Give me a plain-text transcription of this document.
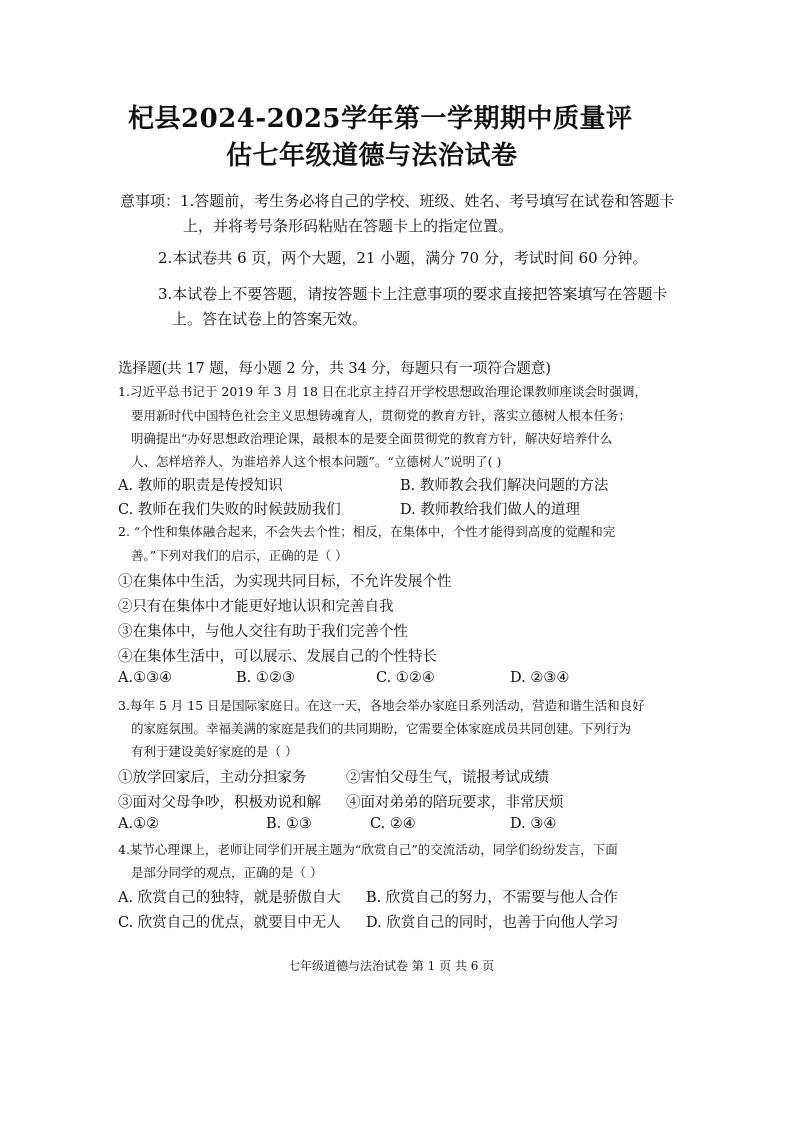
杞县2024-2025学年第一学期期中质量评
估七年级道德与法治试卷
意事项：1.答题前，考生务必将自己的学校、班级、姓名、考号填写在试卷和答题卡
上，并将考号条形码粘贴在答题卡上的指定位置。
2.本试卷共 6 页，两个大题，21 小题，满分 70 分，考试时间 60 分钟。
3.本试卷上不要答题，请按答题卡上注意事项的要求直接把答案填写在答题卡
上。答在试卷上的答案无效。
选择题(共 17 题，每小题 2 分，共 34 分，每题只有一项符合题意)
1.习近平总书记于 2019 年 3 月 18 日在北京主持召开学校思想政治理论课教师座谈会时强调，
要用新时代中国特色社会主义思想铸魂育人，贯彻党的教育方针，落实立德树人根本任务；
明确提出“办好思想政治理论课，最根本的是要全面贯彻党的教育方针，解决好培养什么
人、怎样培养人、为谁培养人这个根本问题”。“立德树人”说明了( )
A. 教师的职责是传授知识	B. 教师教会我们解决问题的方法
C. 教师在我们失败的时候鼓励我们	D. 教师教给我们做人的道理
2. “个性和集体融合起来，不会失去个性；相反，在集体中，个性才能得到高度的觉醒和完
善。”下列对我们的启示，正确的是（ ）
①在集体中生活，为实现共同目标，不允许发展个性
②只有在集体中才能更好地认识和完善自我
③在集体中，与他人交往有助于我们完善个性
④在集体生活中，可以展示、发展自己的个性特长
A.①③④	B. ①②③	C. ①②④	D. ②③④
3.每年 5 月 15 日是国际家庭日。在这一天，各地会举办家庭日系列活动，营造和谐生活和良好
的家庭氛围。幸福美满的家庭是我们的共同期盼，它需要全体家庭成员共同创建。下列行为
有利于建设美好家庭的是（ ）
①放学回家后，主动分担家务	②害怕父母生气，谎报考试成绩
③面对父母争吵，积极劝说和解 ④面对弟弟的陪玩要求，非常厌烦
A.①②	B. ①③	C. ②④	D. ③④
4.某节心理课上，老师让同学们开展主题为“欣赏自己”的交流活动，同学们纷纷发言，下面
是部分同学的观点，正确的是（ ）
A. 欣赏自己的独特，就是骄傲自大 B. 欣赏自己的努力，不需要与他人合作
C. 欣赏自己的优点，就要目中无人 D. 欣赏自己的同时，也善于向他人学习
七年级道德与法治试卷 第 1 页 共 6 页
